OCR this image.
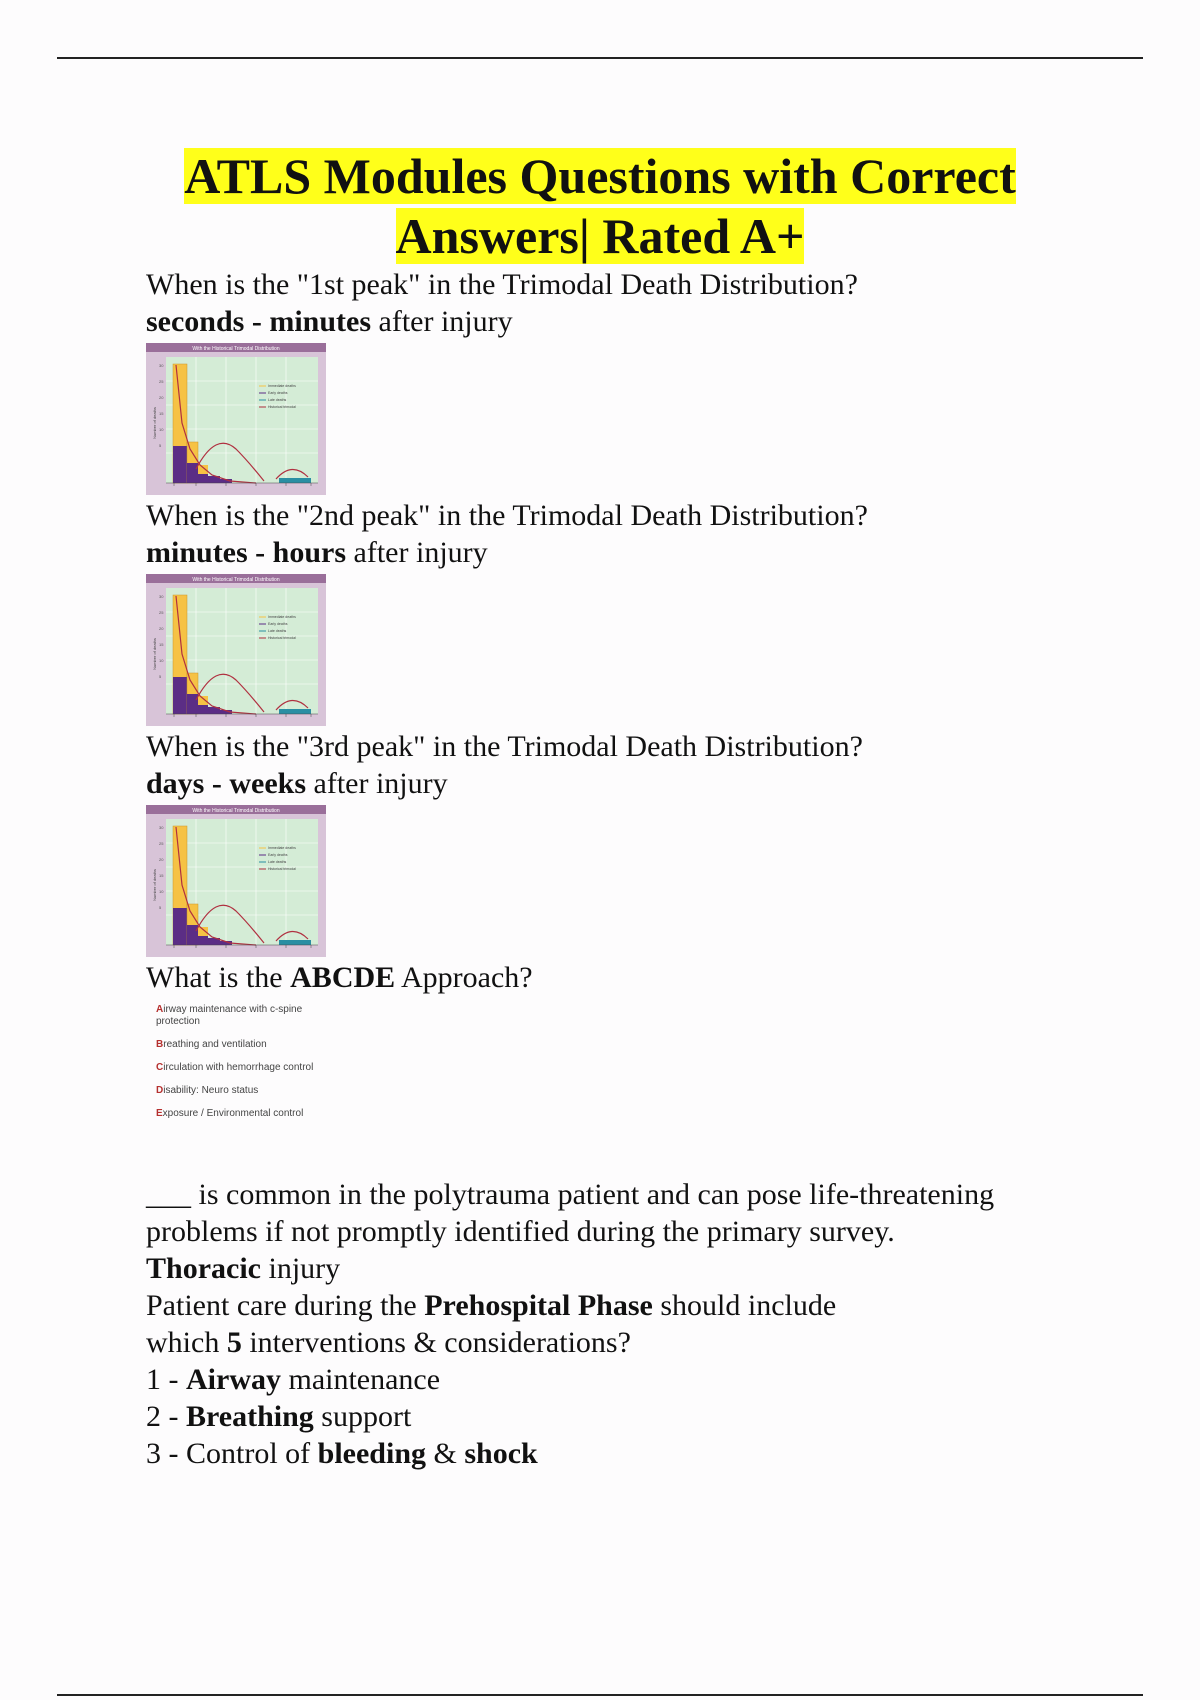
ATLS Modules Questions with Correct
Answers| Rated A+

When is the "1st peak" in the Trimodal Death Distribution?

seconds - minutes after injury

When is the "2nd peak" in the Trimodal Death Distribution?

minutes - hours after injury

When is the "3rd peak" in the Trimodal Death Distribution?

days - weeks after injury

What is the ABCDE Approach?

Airway maintenance with c-spine protection
Breathing and ventilation
Circulation with hemorrhage control
Disability: Neuro status
Exposure / Environmental control

___ is common in the polytrauma patient and can pose life-threatening

problems if not promptly identified during the primary survey.

Thoracic injury

Patient care during the Prehospital Phase should include

which 5 interventions & considerations?

1 - Airway maintenance

2 - Breathing support

3 - Control of bleeding & shock
